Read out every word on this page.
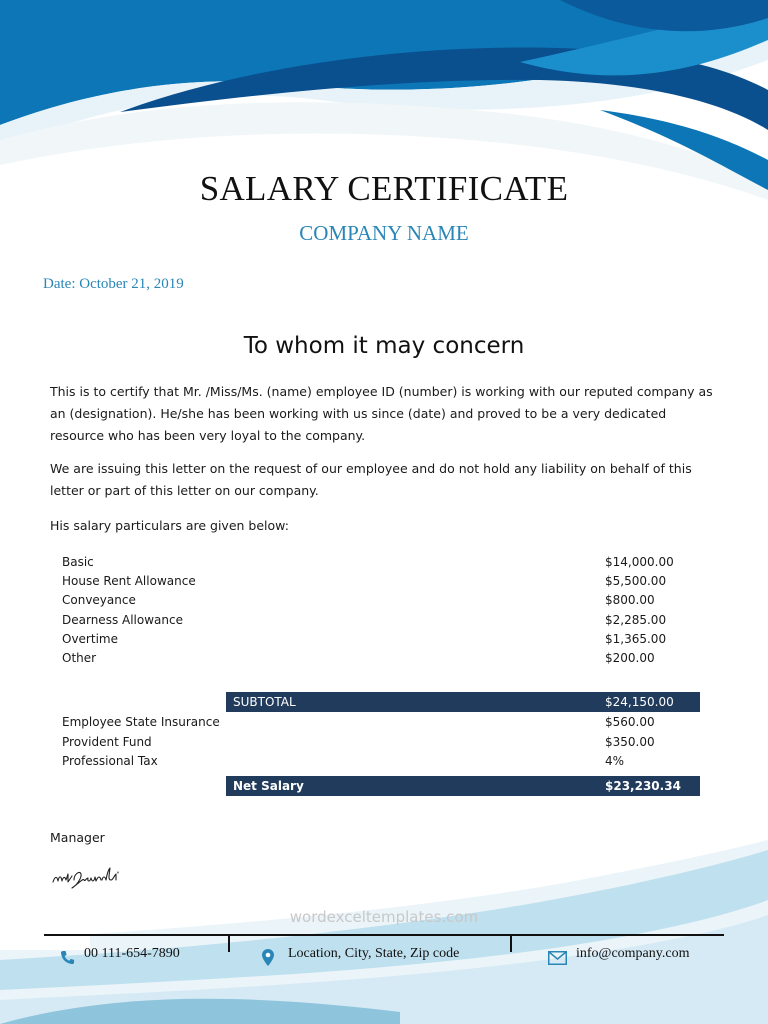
SALARY CERTIFICATE
COMPANY NAME
Date: October 21, 2019
To whom it may concern

This is to certify that Mr. /Miss/Ms. (name) employee ID (number) is working with our reputed company as an (designation). He/she has been working with us since (date) and proved to be a very dedicated resource who has been very loyal to the company.

We are issuing this letter on the request of our employee and do not hold any liability on behalf of this letter or part of this letter on our company.

His salary particulars are given below:

Basic	$14,000.00
House Rent Allowance	$5,500.00
Conveyance	$800.00
Dearness Allowance	$2,285.00
Overtime	$1,365.00
Other	$200.00
SUBTOTAL	$24,150.00
Employee State Insurance	$560.00
Provident Fund	$350.00
Professional Tax	4%
Net Salary	$23,230.34
Manager
wordexceltemplates.com
00 111-654-7890	Location, City, State, Zip code	info@company.com
